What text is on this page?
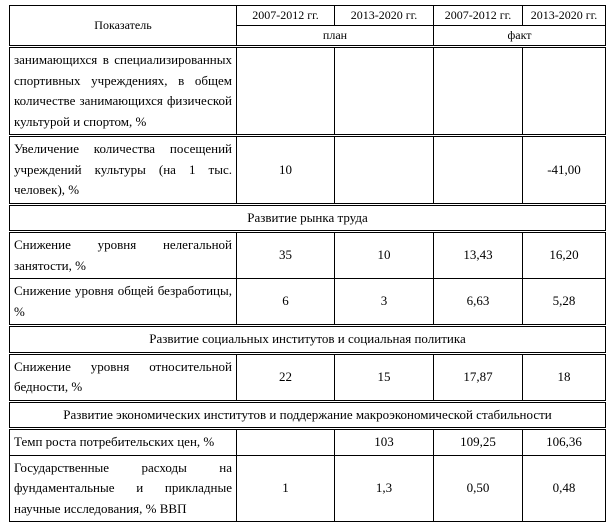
Показатель	2007-2012 гг.	2013-2020 гг.	2007-2012 гг.	2013-2020 гг.
	план		факт	
занимающихся в специализированных спортивных учреждениях, в общем количестве занимающихся физической культурой и спортом, %				
Увеличение количества посещений учреждений культуры (на 1 тыс. человек), %	10			-41,00
Развитие рынка труда				
Снижение уровня нелегальной занятости, %	35	10	13,43	16,20
Снижение уровня общей безработицы, %	6	3	6,63	5,28
Развитие социальных институтов и социальная политика				
Снижение уровня относительной бедности, %	22	15	17,87	18
Развитие экономических институтов и поддержание макроэкономической стабильности				
Темп роста потребительских цен, %		103	109,25	106,36
Государственные расходы на фундаментальные и прикладные научные исследования, % ВВП	1	1,3	0,50	0,48
